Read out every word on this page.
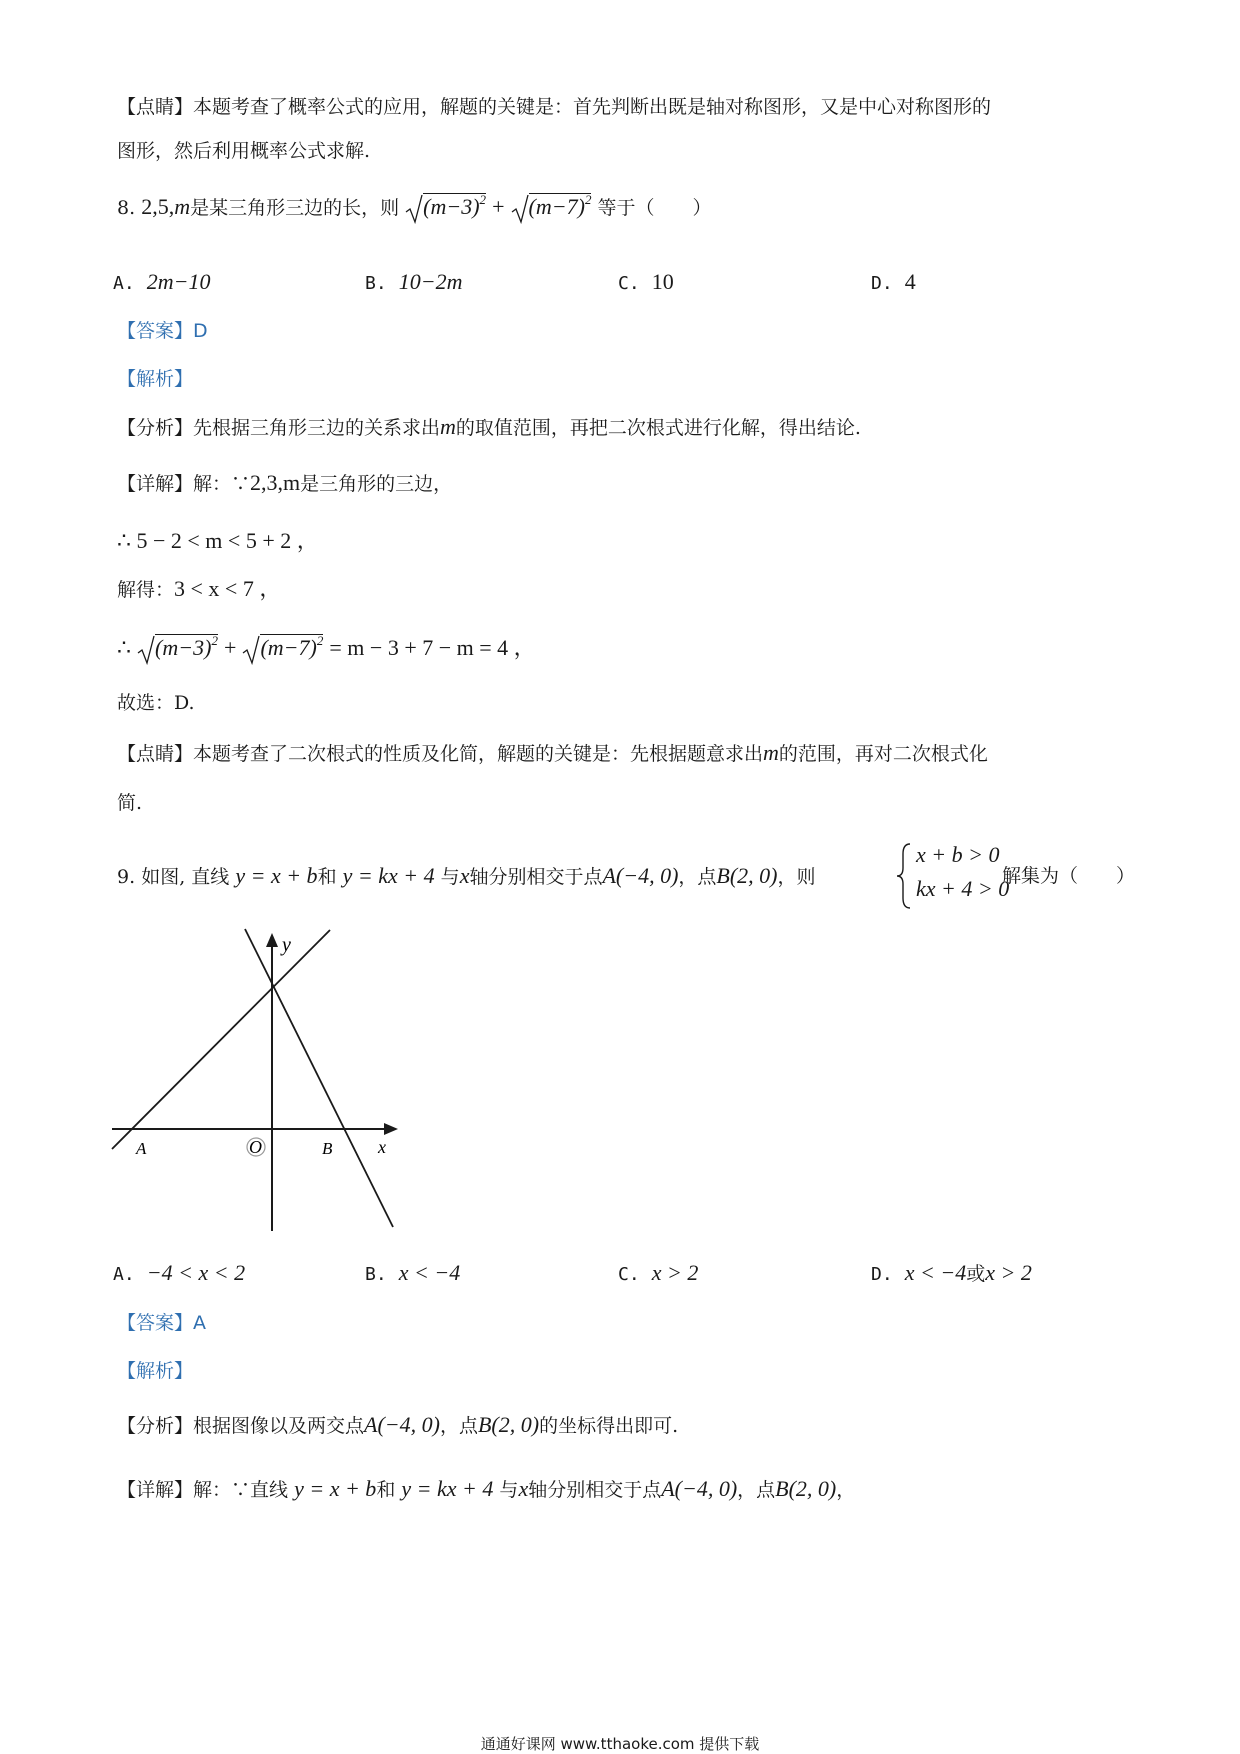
【点睛】本题考查了概率公式的应用，解题的关键是：首先判断出既是轴对称图形，又是中心对称图形的
图形，然后利用概率公式求解.
8. 2,5,m是某三角形三边的长，则 $(m-3)^2 + (m-7)^2$ 等于（　　）
A. 2m−10	B. 10−2m	C. 10	D. 4
【答案】D
【解析】
【分析】先根据三角形三边的关系求出m的取值范围，再把二次根式进行化解，得出结论.
【详解】解：∵2,3,m是三角形的三边，
∴ 5 − 2 < m < 5 + 2 ，
解得：3 < x < 7 ，
∴ $(m-3)^2 + (m-7)^2 = m - 3 + 7 - m = 4$ ，
故选：D.
【点睛】本题考查了二次根式的性质及化简，解题的关键是：先根据题意求出m的范围，再对二次根式化
简.
9. 如图, 直线 y = x + b和 y = kx + 4 与x轴分别相交于点A(−4, 0)，点B(2, 0)，则
x + b > 0
kx + 4 > 0
解集为（　　）
y
x
O
A	B
A. −4 < x < 2	B. x < −4	C. x > 2	D. x < −4或x > 2
【答案】A
【解析】
【分析】根据图像以及两交点A(−4, 0)，点B(2, 0)的坐标得出即可.
【详解】解：∵直线 y = x + b和 y = kx + 4 与x轴分别相交于点A(−4, 0)，点B(2, 0)，
通通好课网 www.tthaoke.com 提供下载
